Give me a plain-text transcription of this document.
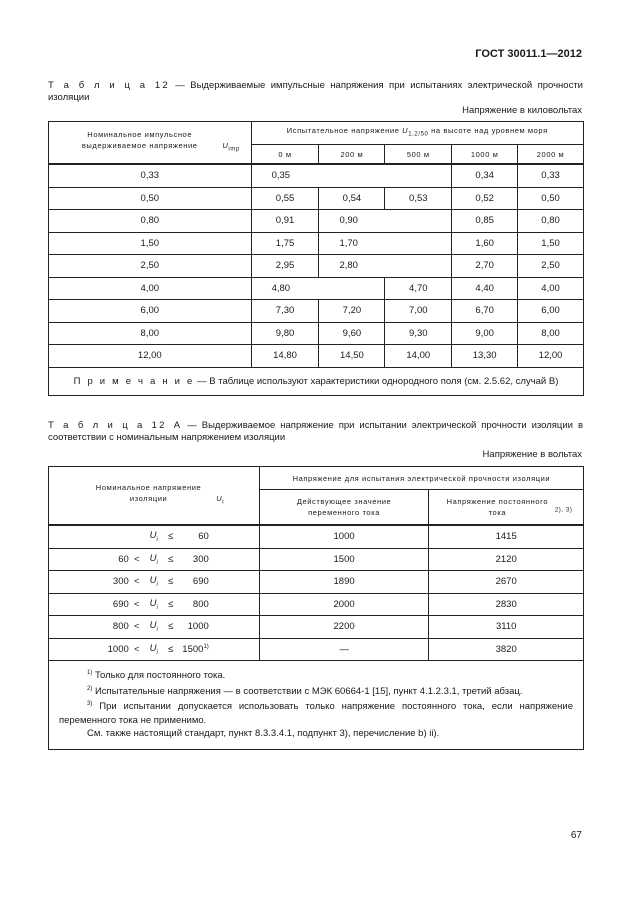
ГОСТ 30011.1—2012
Т а б л и ц а 12 — Выдерживаемые импульсные напряжения при испытаниях электрической прочности изоляции
Напряжение в киловольтах
Номинальное импульсное выдерживаемое напряжение $U_{imp}$	Испытательное напряжение $U_{1,2/50}$ на высоте над уровнем моря				
	0 м	200 м	500 м	1000 м	2000 м
0,33	0,35			0,34	0,33
0,50	0,55	0,54	0,53	0,52	0,50
0,80	0,91	0,90		0,85	0,80
1,50	1,75	1,70		1,60	1,50
2,50	2,95	2,80		2,70	2,50
4,00	4,80		4,70	4,40	4,00
6,00	7,30	7,20	7,00	6,70	6,00
8,00	9,80	9,60	9,30	9,00	8,00
12,00	14,80	14,50	14,00	13,30	12,00
П р и м е ч а н и е — В таблице используют характеристики однородного поля (см. 2.5.62, случай В)					
Т а б л и ц а 12 А — Выдерживаемое напряжение при испытании электрической прочности изоляции в соответствии с номинальным напряжением изоляции
Напряжение в вольтах
Номинальное напряжение изоляции $U_i$	Напряжение для испытания электрической прочности изоляции	
	Действующее значение переменного тока	Напряжение постоянного тока $^{2), 3)}$

$U_i \le 60$	1000	1415

$60 < U_i \le 300$	1500	2120

$300 < U_i \le 690$	1890	2670

$690 < U_i \le 800$	2000	2830

$800 < U_i \le 1000$	2200	3110

$1000 < U_i \le 1500^{1)}$	—	3820

$^{1)}$ Только для постоянного тока.

$^{2)}$ Испытательные напряжения — в соответствии с МЭК 60664-1 [15], пункт 4.1.2.3.1, третий абзац.

$^{3)}$ При испытании допускается использовать только напряжение постоянного тока, если напряжение переменного тока не применимо.

См. также настоящий стандарт, пункт 8.3.3.4.1, подпункт 3), перечисление b) ii).		

67
